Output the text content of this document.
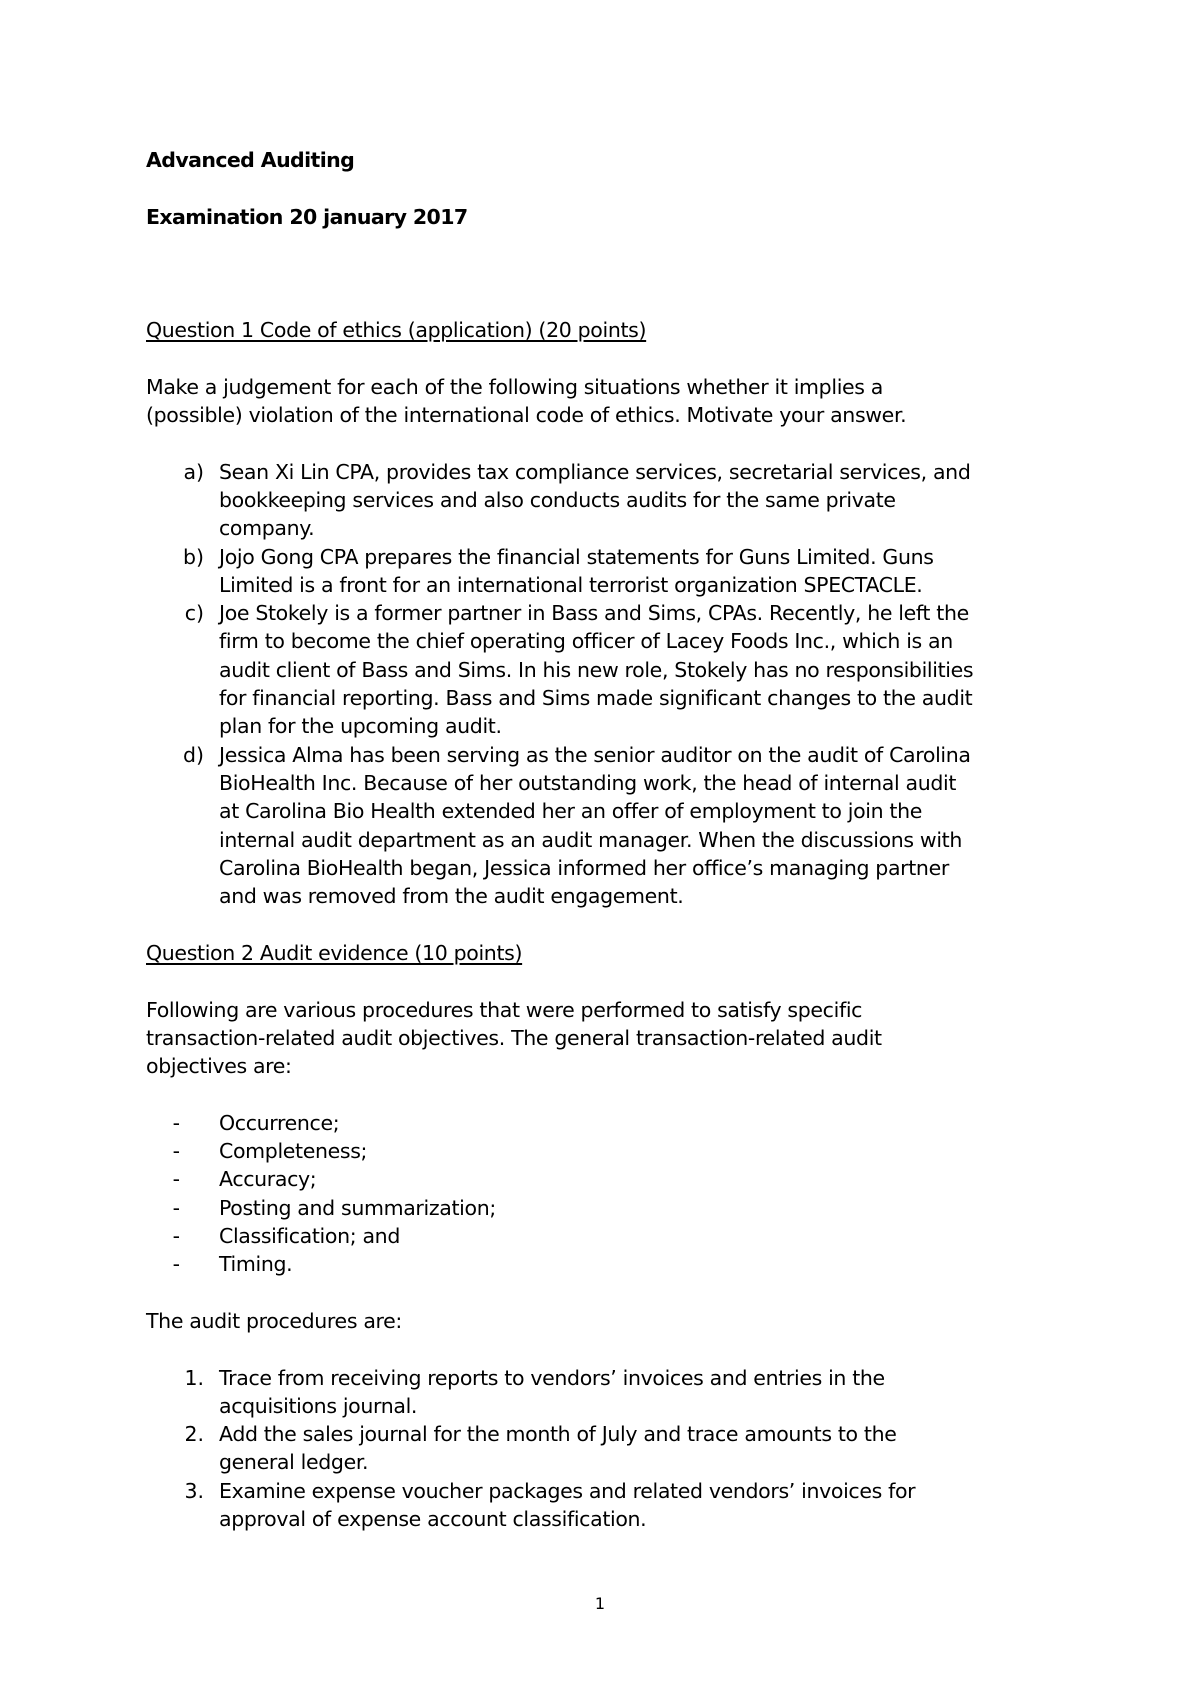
Advanced Auditing
Examination 20 january 2017
Question 1 Code of ethics (application) (20 points)
Make a judgement for each of the following situations whether it implies a
(possible) violation of the international code of ethics. Motivate your answer.
a) Sean Xi Lin CPA, provides tax compliance services, secretarial services, and
bookkeeping services and also conducts audits for the same private
company.
b) Jojo Gong CPA prepares the financial statements for Guns Limited. Guns
Limited is a front for an international terrorist organization SPECTACLE.
c) Joe Stokely is a former partner in Bass and Sims, CPAs. Recently, he left the
firm to become the chief operating officer of Lacey Foods Inc., which is an
audit client of Bass and Sims. In his new role, Stokely has no responsibilities
for financial reporting. Bass and Sims made significant changes to the audit
plan for the upcoming audit.
d) Jessica Alma has been serving as the senior auditor on the audit of Carolina
BioHealth Inc. Because of her outstanding work, the head of internal audit
at Carolina Bio Health extended her an offer of employment to join the
internal audit department as an audit manager. When the discussions with
Carolina BioHealth began, Jessica informed her office’s managing partner
and was removed from the audit engagement.
Question 2 Audit evidence (10 points)
Following are various procedures that were performed to satisfy specific
transaction-related audit objectives. The general transaction-related audit
objectives are:
- Occurrence;
- Completeness;
- Accuracy;
- Posting and summarization;
- Classification; and
- Timing.
The audit procedures are:
1. Trace from receiving reports to vendors’ invoices and entries in the
acquisitions journal.
2. Add the sales journal for the month of July and trace amounts to the
general ledger.
3. Examine expense voucher packages and related vendors’ invoices for
approval of expense account classification.
1
